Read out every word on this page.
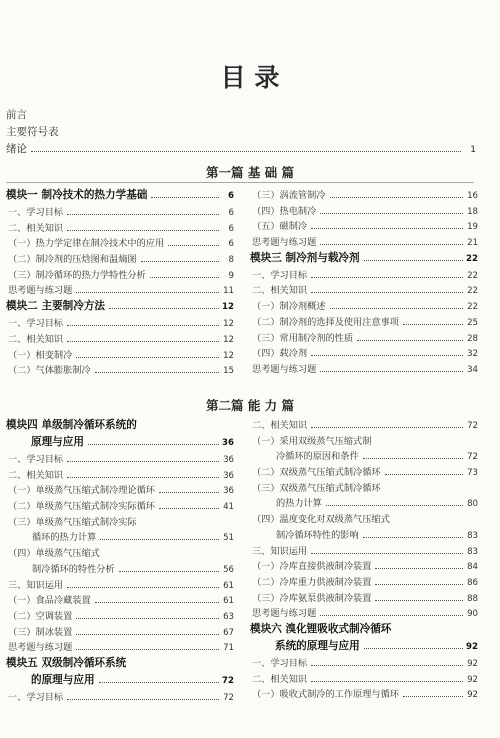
目 录
前言
主要符号表
绪论	1
第一篇 基 础 篇
模块一 制冷技术的热力学基础	6
一、学习目标	6
二、相关知识	6
（一）热力学定律在制冷技术中的应用	6
（二）制冷剂的压焓图和温熵图	8
（三）制冷循环的热力学特性分析	9
思考题与练习题	11
模块二 主要制冷方法	12
一、学习目标	12
二、相关知识	12
（一）相变制冷	12
（二）气体膨胀制冷	15
（三）涡流管制冷	16
（四）热电制冷	18
（五）磁制冷	19
思考题与练习题	21
模块三 制冷剂与载冷剂	22
一、学习目标	22
二、相关知识	22
（一）制冷剂概述	22
（二）制冷剂的选择及使用注意事项	25
（三）常用制冷剂的性质	28
（四）载冷剂	32
思考题与练习题	34
第二篇 能 力 篇
模块四 单级制冷循环系统的
原理与应用	36
一、学习目标	36
二、相关知识	36
（一）单级蒸气压缩式制冷理论循环	36
（二）单级蒸气压缩式制冷实际循环	41
（三）单级蒸气压缩式制冷实际
循环的热力计算	51
（四）单级蒸气压缩式
制冷循环的特性分析	56
三、知识运用	61
（一）食品冷藏装置	61
（二）空调装置	63
（三）制冰装置	67
思考题与练习题	71
模块五 双级制冷循环系统
的原理与应用	72
一、学习目标	72
二、相关知识	72
（一）采用双级蒸气压缩式制
冷循环的原因和条件	72
（二）双级蒸气压缩式制冷循环	73
（三）双级蒸气压缩式制冷循环
的热力计算	80
（四）温度变化对双级蒸气压缩式
制冷循环特性的影响	83
三、知识运用	83
（一）冷库直接供液制冷装置	84
（二）冷库重力供液制冷装置	86
（三）冷库氨泵供液制冷装置	88
思考题与练习题	90
模块六 溴化锂吸收式制冷循环
系统的原理与应用	92
一、学习目标	92
二、相关知识	92
（一）吸收式制冷的工作原理与循环	92
